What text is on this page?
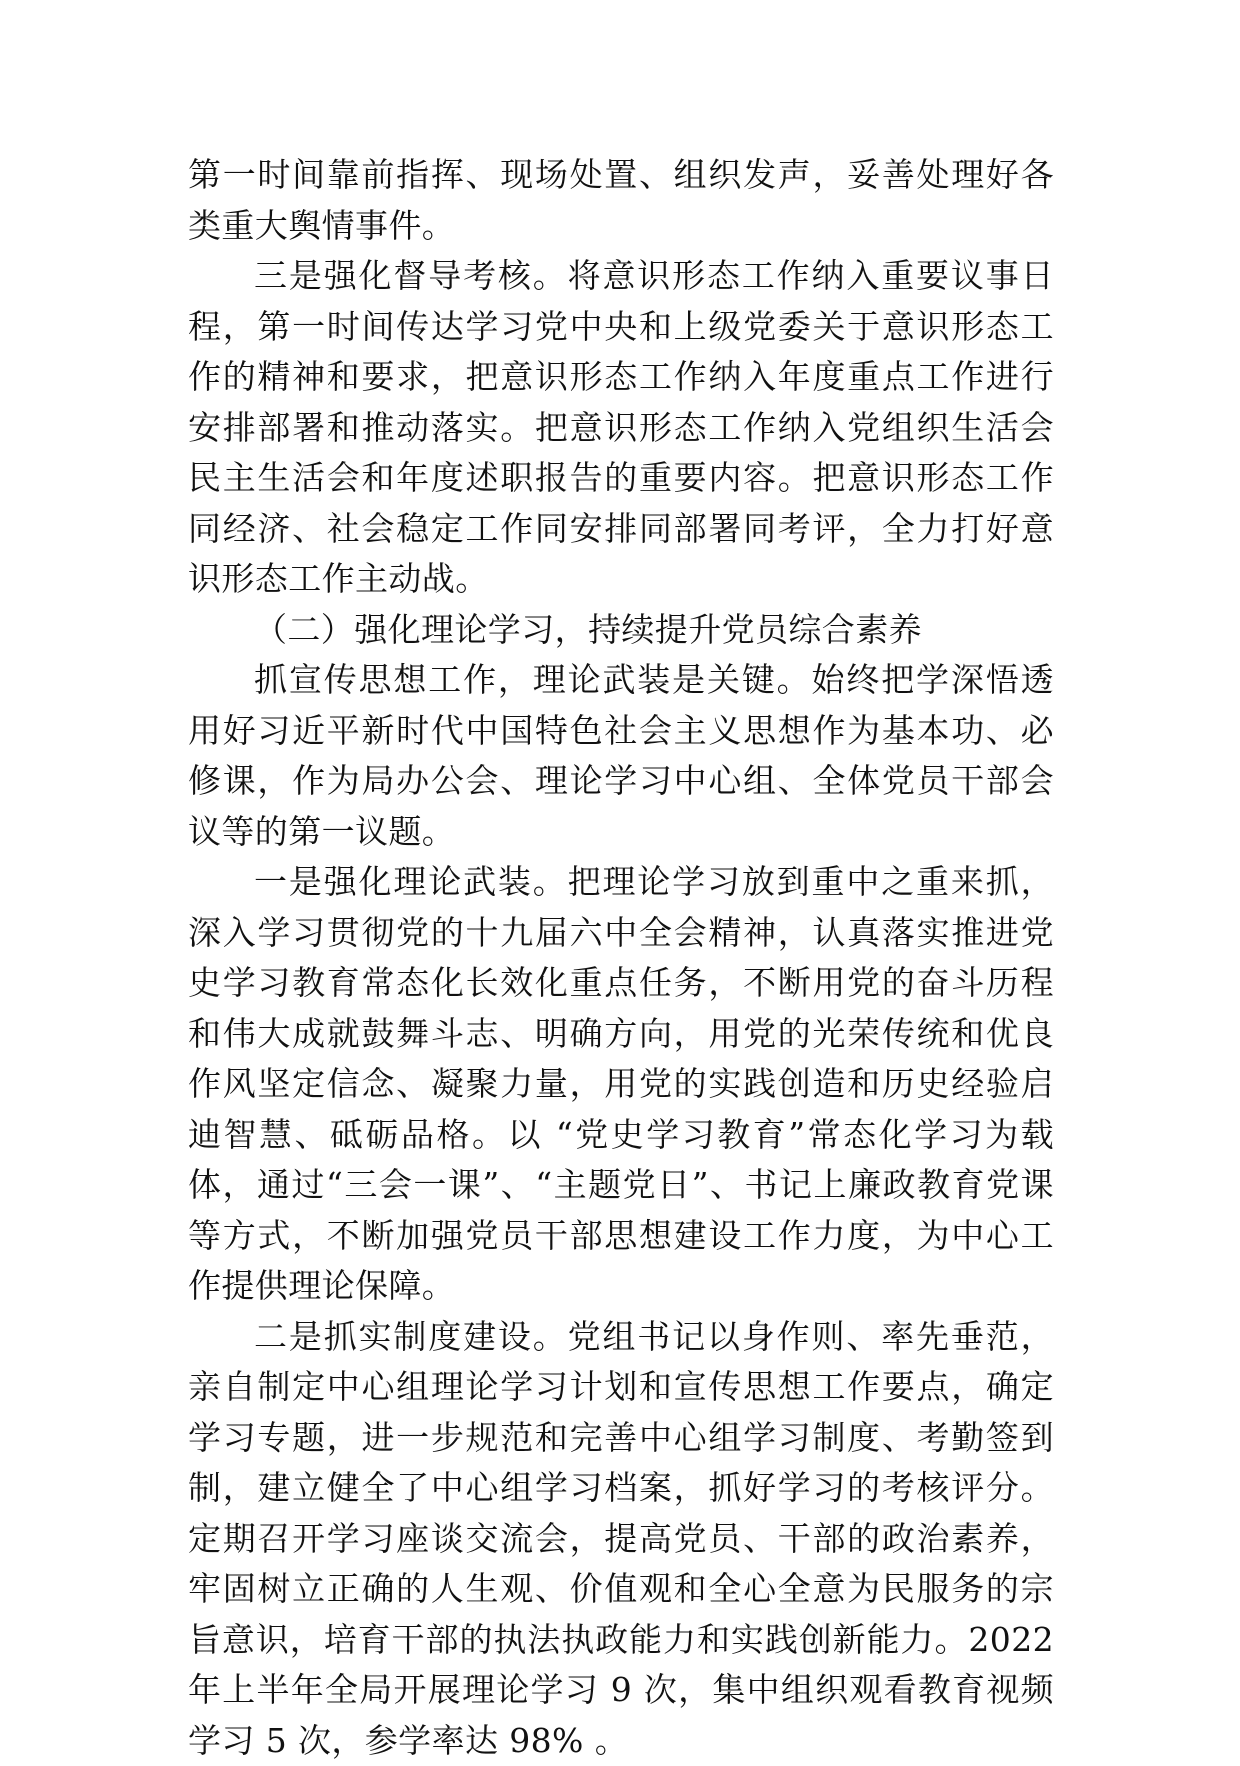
第一时间靠前指挥、现场处置、组织发声，妥善处理好各类重大舆情事件。

三是强化督导考核。将意识形态工作纳入重要议事日程，第一时间传达学习党中央和上级党委关于意识形态工作的精神和要求，把意识形态工作纳入年度重点工作进行安排部署和推动落实。把意识形态工作纳入党组织生活会民主生活会和年度述职报告的重要内容。把意识形态工作同经济、社会稳定工作同安排同部署同考评，全力打好意识形态工作主动战。

（二）强化理论学习，持续提升党员综合素养

抓宣传思想工作，理论武装是关键。始终把学深悟透用好习近平新时代中国特色社会主义思想作为基本功、必修课，作为局办公会、理论学习中心组、全体党员干部会议等的第一议题。

一是强化理论武装。把理论学习放到重中之重来抓，深入学习贯彻党的十九届六中全会精神，认真落实推进党史学习教育常态化长效化重点任务，不断用党的奋斗历程和伟大成就鼓舞斗志、明确方向，用党的光荣传统和优良作风坚定信念、凝聚力量，用党的实践创造和历史经验启迪智慧、砥砺品格。以 “党史学习教育”常态化学习为载体，通过“三会一课”、“主题党日”、书记上廉政教育党课等方式，不断加强党员干部思想建设工作力度，为中心工作提供理论保障。

二是抓实制度建设。党组书记以身作则、率先垂范，亲自制定中心组理论学习计划和宣传思想工作要点，确定学习专题，进一步规范和完善中心组学习制度、考勤签到制，建立健全了中心组学习档案，抓好学习的考核评分。定期召开学习座谈交流会，提高党员、干部的政治素养，牢固树立正确的人生观、价值观和全心全意为民服务的宗旨意识，培育干部的执法执政能力和实践创新能力。2022年上半年全局开展理论学习 9 次，集中组织观看教育视频学习 5 次，参学率达 98% 。
